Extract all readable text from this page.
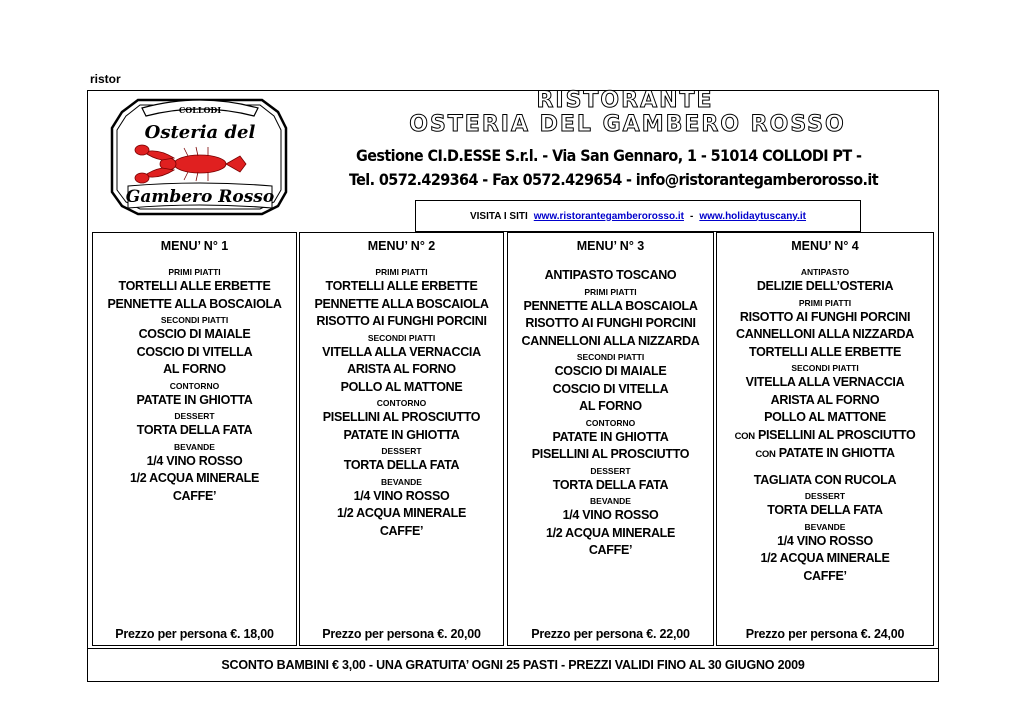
ristor
COLLODI
Osteria del
Gambero Rosso
RISTORANTE
OSTERIA DEL GAMBERO ROSSO
Gestione CI.D.ESSE S.r.l. - Via San Gennaro, 1 - 51014 COLLODI PT -
Tel. 0572.429364 - Fax 0572.429654 - info@ristorantegamberorosso.it
VISITA I SITI www.ristorantegamberorosso.it - www.holidaytuscany.it
MENU’ N° 1
PRIMI PIATTI
TORTELLI ALLE ERBETTE
PENNETTE ALLA BOSCAIOLA
SECONDI PIATTI
COSCIO DI MAIALE
COSCIO DI VITELLA
AL FORNO
CONTORNO
PATATE IN GHIOTTA
DESSERT
TORTA DELLA FATA
BEVANDE
1/4 VINO ROSSO
1/2 ACQUA MINERALE
CAFFE’
Prezzo per persona €. 18,00
MENU’ N° 2
PRIMI PIATTI
TORTELLI ALLE ERBETTE
PENNETTE ALLA BOSCAIOLA
RISOTTO AI FUNGHI PORCINI
SECONDI PIATTI
VITELLA ALLA VERNACCIA
ARISTA AL FORNO
POLLO AL MATTONE
CONTORNO
PISELLINI AL PROSCIUTTO
PATATE IN GHIOTTA
DESSERT
TORTA DELLA FATA
BEVANDE
1/4 VINO ROSSO
1/2 ACQUA MINERALE
CAFFE’
Prezzo per persona €. 20,00
MENU’ N° 3
ANTIPASTO TOSCANO
PRIMI PIATTI
PENNETTE ALLA BOSCAIOLA
RISOTTO AI FUNGHI PORCINI
CANNELLONI ALLA NIZZARDA
SECONDI PIATTI
COSCIO DI MAIALE
COSCIO DI VITELLA
AL FORNO
CONTORNO
PATATE IN GHIOTTA
PISELLINI AL PROSCIUTTO
DESSERT
TORTA DELLA FATA
BEVANDE
1/4 VINO ROSSO
1/2 ACQUA MINERALE
CAFFE’
Prezzo per persona €. 22,00
MENU’ N° 4
ANTIPASTO
DELIZIE DELL’OSTERIA
PRIMI PIATTI
RISOTTO AI FUNGHI PORCINI
CANNELLONI ALLA NIZZARDA
TORTELLI ALLE ERBETTE
SECONDI PIATTI
VITELLA ALLA VERNACCIA
ARISTA AL FORNO
POLLO AL MATTONE
CON PISELLINI AL PROSCIUTTO
CON PATATE IN GHIOTTA
TAGLIATA CON RUCOLA
DESSERT
TORTA DELLA FATA
BEVANDE
1/4 VINO ROSSO
1/2 ACQUA MINERALE
CAFFE’
Prezzo per persona €. 24,00
SCONTO BAMBINI € 3,00 - UNA GRATUITA’ OGNI 25 PASTI - PREZZI VALIDI FINO AL 30 GIUGNO 2009
